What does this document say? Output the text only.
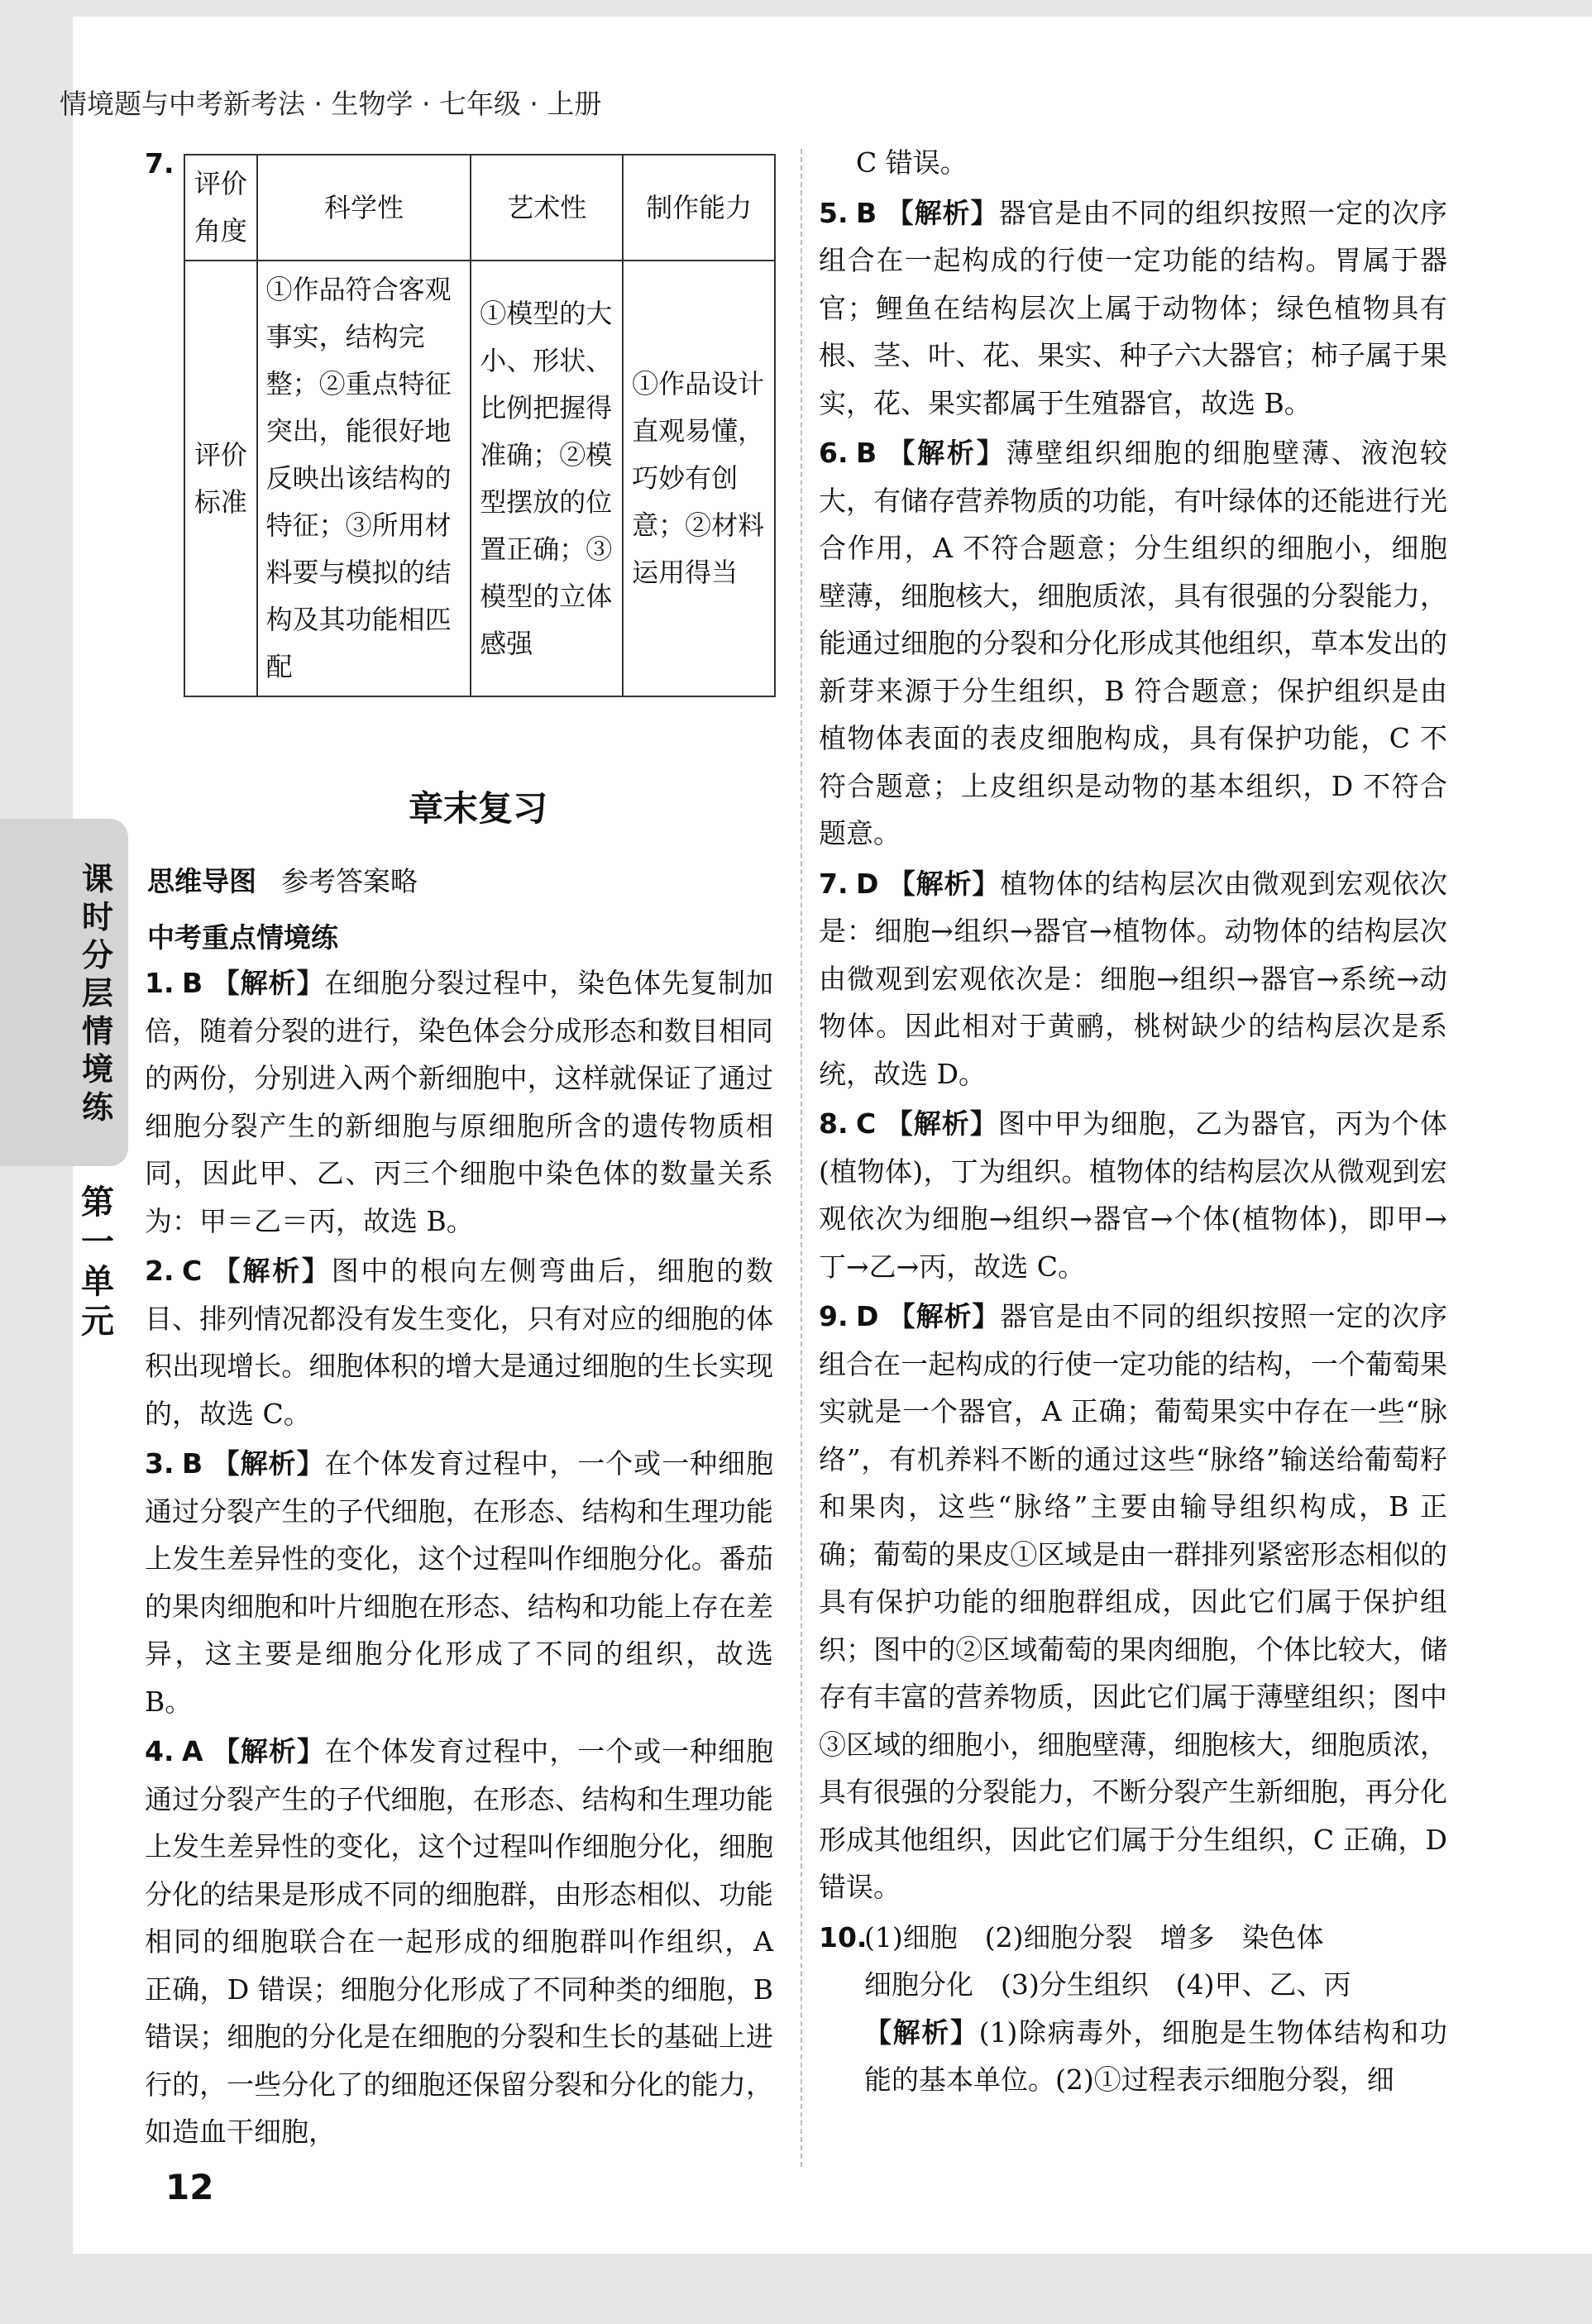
情境题与中考新考法 · 生物学 · 七年级 · 上册
课时分层情境练
第一单元
7.
评价角度	科学性	艺术性	制作能力
评价标准	①作品符合客观事实，结构完整；②重点特征突出，能很好地反映出该结构的特征；③所用材料要与模拟的结构及其功能相匹配	①模型的大小、形状、比例把握得准确；②模型摆放的位置正确；③模型的立体感强	①作品设计直观易懂，巧妙有创意；②材料运用得当
章末复习
思维导图 参考答案略
中考重点情境练
1. B 【解析】在细胞分裂过程中，染色体先复制加倍，随着分裂的进行，染色体会分成形态和数目相同的两份，分别进入两个新细胞中，这样就保证了通过细胞分裂产生的新细胞与原细胞所含的遗传物质相同，因此甲、乙、丙三个细胞中染色体的数量关系为：甲＝乙＝丙，故选 B。
2. C 【解析】图中的根向左侧弯曲后，细胞的数目、排列情况都没有发生变化，只有对应的细胞的体积出现增长。细胞体积的增大是通过细胞的生长实现的，故选 C。
3. B 【解析】在个体发育过程中，一个或一种细胞通过分裂产生的子代细胞，在形态、结构和生理功能上发生差异性的变化，这个过程叫作细胞分化。番茄的果肉细胞和叶片细胞在形态、结构和功能上存在差异，这主要是细胞分化形成了不同的组织，故选 B。
4. A 【解析】在个体发育过程中，一个或一种细胞通过分裂产生的子代细胞，在形态、结构和生理功能上发生差异性的变化，这个过程叫作细胞分化，细胞分化的结果是形成不同的细胞群，由形态相似、功能相同的细胞联合在一起形成的细胞群叫作组织，A 正确，D 错误；细胞分化形成了不同种类的细胞，B 错误；细胞的分化是在细胞的分裂和生长的基础上进行的，一些分化了的细胞还保留分裂和分化的能力，如造血干细胞，
C 错误。
5. B 【解析】器官是由不同的组织按照一定的次序组合在一起构成的行使一定功能的结构。胃属于器官；鲤鱼在结构层次上属于动物体；绿色植物具有根、茎、叶、花、果实、种子六大器官；柿子属于果实，花、果实都属于生殖器官，故选 B。
6. B 【解析】薄壁组织细胞的细胞壁薄、液泡较大，有储存营养物质的功能，有叶绿体的还能进行光合作用，A 不符合题意；分生组织的细胞小，细胞壁薄，细胞核大，细胞质浓，具有很强的分裂能力，能通过细胞的分裂和分化形成其他组织，草本发出的新芽来源于分生组织，B 符合题意；保护组织是由植物体表面的表皮细胞构成，具有保护功能，C 不符合题意；上皮组织是动物的基本组织，D 不符合题意。
7. D 【解析】植物体的结构层次由微观到宏观依次是：细胞→组织→器官→植物体。动物体的结构层次由微观到宏观依次是：细胞→组织→器官→系统→动物体。因此相对于黄鹂，桃树缺少的结构层次是系统，故选 D。
8. C 【解析】图中甲为细胞，乙为器官，丙为个体(植物体)，丁为组织。植物体的结构层次从微观到宏观依次为细胞→组织→器官→个体(植物体)，即甲→丁→乙→丙，故选 C。
9. D 【解析】器官是由不同的组织按照一定的次序组合在一起构成的行使一定功能的结构，一个葡萄果实就是一个器官，A 正确；葡萄果实中存在一些“脉络”，有机养料不断的通过这些“脉络”输送给葡萄籽和果肉，这些“脉络”主要由输导组织构成，B 正确；葡萄的果皮①区域是由一群排列紧密形态相似的具有保护功能的细胞群组成，因此它们属于保护组织；图中的②区域葡萄的果肉细胞，个体比较大，储存有丰富的营养物质，因此它们属于薄壁组织；图中③区域的细胞小，细胞壁薄，细胞核大，细胞质浓，具有很强的分裂能力，不断分裂产生新细胞，再分化形成其他组织，因此它们属于分生组织，C 正确，D 错误。
10.(1)细胞　(2)细胞分裂　增多　染色体
细胞分化　(3)分生组织　(4)甲、乙、丙
【解析】(1)除病毒外，细胞是生物体结构和功能的基本单位。(2)①过程表示细胞分裂，细
12
